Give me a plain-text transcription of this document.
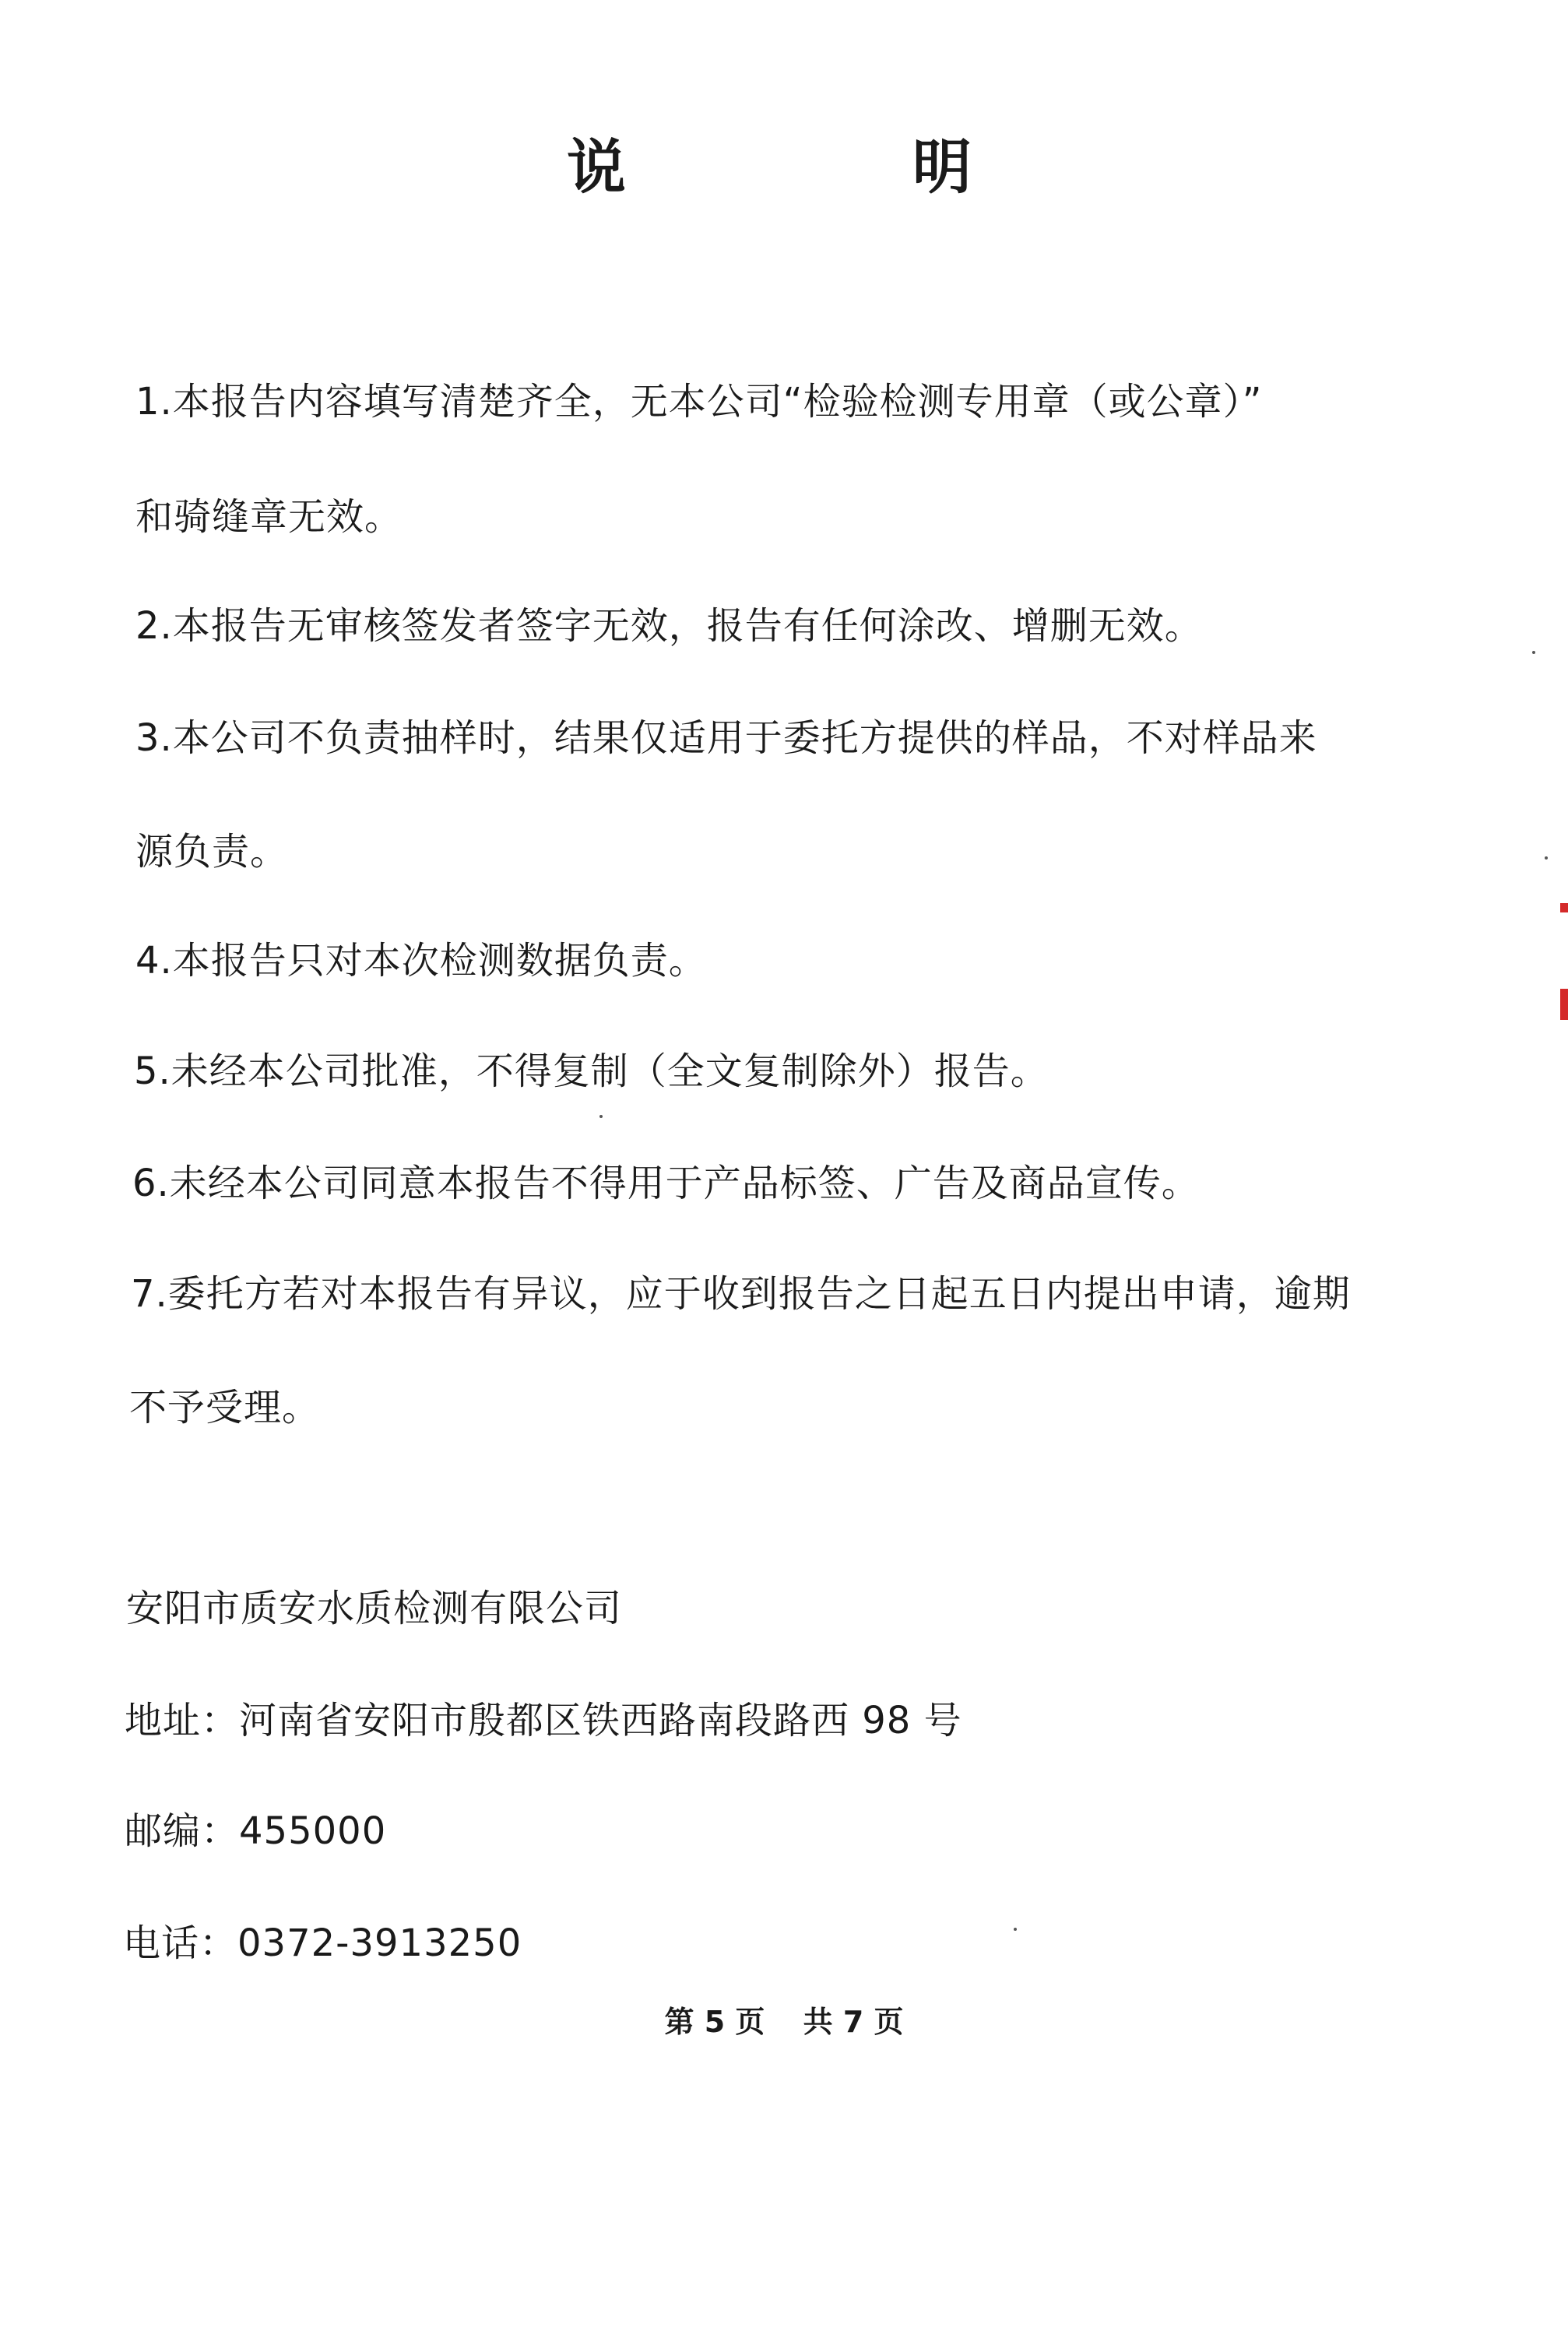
说	明
1.本报告内容填写清楚齐全，无本公司“检验检测专用章（或公章）”
和骑缝章无效。
2.本报告无审核签发者签字无效，报告有任何涂改、增删无效。
3.本公司不负责抽样时，结果仅适用于委托方提供的样品，不对样品来
源负责。
4.本报告只对本次检测数据负责。
5.未经本公司批准，不得复制（全文复制除外）报告。
6.未经本公司同意本报告不得用于产品标签、广告及商品宣传。
7.委托方若对本报告有异议，应于收到报告之日起五日内提出申请，逾期
不予受理。
安阳市质安水质检测有限公司
地址：河南省安阳市殷都区铁西路南段路西 98 号
邮编：455000
电话：0372-3913250
第 5 页 共 7 页
